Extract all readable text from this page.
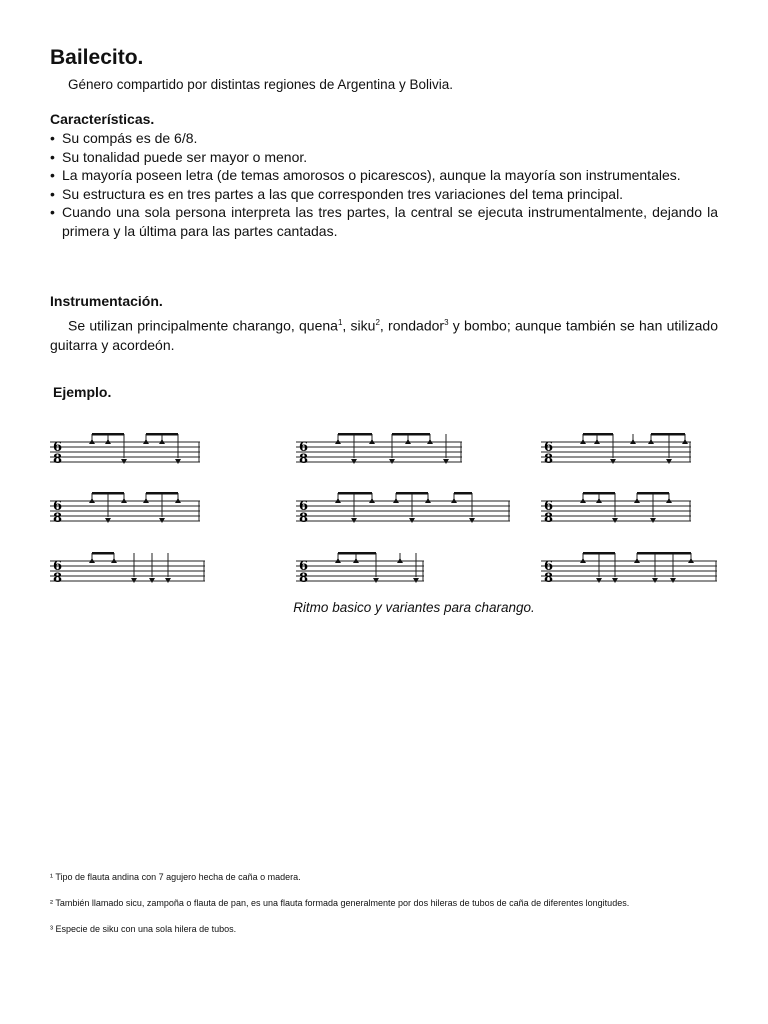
Bailecito.

Género compartido por distintas regiones de Argentina y Bolivia.

Características.
• Su compás es de 6/8.
• Su tonalidad puede ser mayor o menor.
• La mayoría poseen letra (de temas amorosos o picarescos), aunque la mayoría son instrumentales.
• Su estructura es en tres partes a las que corresponden tres variaciones del tema principal.
• Cuando una sola persona interpreta las tres partes, la central se ejecuta instrumentalmente, dejando la primera y la última para las partes cantadas.
Instrumentación.

Se utilizan principalmente charango, quena$^1$, siku$^2$, rondador$^3$ y bombo; aunque también se han utilizado guitarra y acordeón.

Ejemplo.
6
8
6
8
6
8
6
8
6
8
6
8
6
8
6
8
6
8

Ritmo basico y variantes para charango.

¹ Tipo de flauta andina con 7 agujero hecha de caña o madera.

² También llamado sicu, zampoña o flauta de pan, es una flauta formada generalmente por dos hileras de tubos de caña de diferentes longitudes.

³ Especie de siku con una sola hilera de tubos.
